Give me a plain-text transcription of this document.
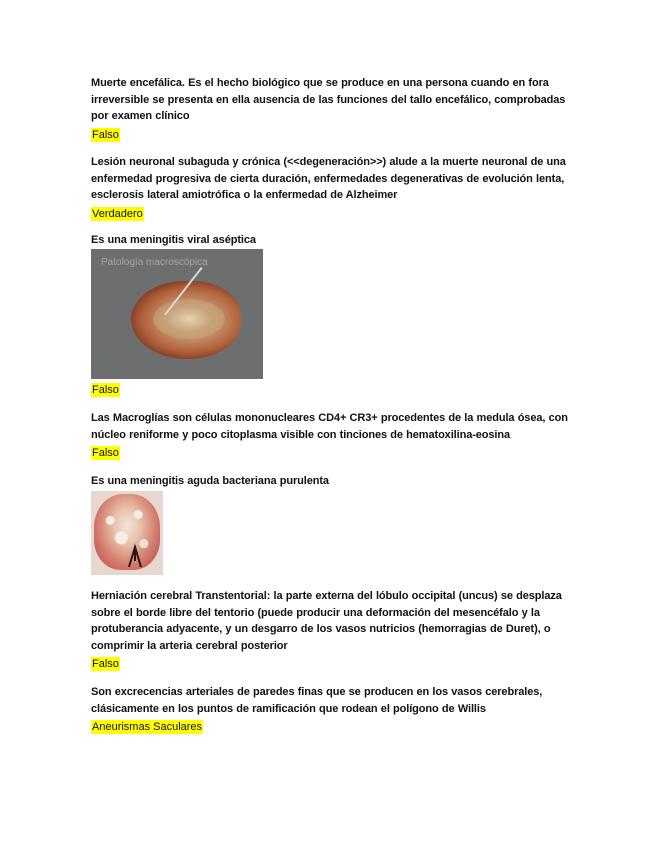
Muerte encefálica. Es el hecho biológico que se produce en una persona cuando en fora irreversible se presenta en ella ausencia de las funciones del tallo encefálico, comprobadas por examen clínico

Falso

Lesión neuronal subaguda y crónica (<<degeneración>>) alude a la muerte neuronal de una enfermedad progresiva de cierta duración, enfermedades degenerativas de evolución lenta, esclerosis lateral amiotrófica o la enfermedad de Alzheimer

Verdadero

Es una meningitis viral aséptica

Patología macroscópica
Falso

Las Macroglías son células mononucleares CD4+ CR3+ procedentes de la medula ósea, con núcleo reniforme y poco citoplasma visible con tinciones de hematoxilina-eosina

Falso

Es una meningitis aguda bacteriana purulenta

Herniación cerebral Transtentorial: la parte externa del lóbulo occipital (uncus) se desplaza sobre el borde libre del tentorio (puede producir una deformación del mesencéfalo y la protuberancia adyacente, y un desgarro de los vasos nutricios (hemorragias de Duret), o comprimir la arteria cerebral posterior

Falso

Son excrecencias arteriales de paredes finas que se producen en los vasos cerebrales, clásicamente en los puntos de ramificación que rodean el polígono de Willis

Aneurismas Saculares
